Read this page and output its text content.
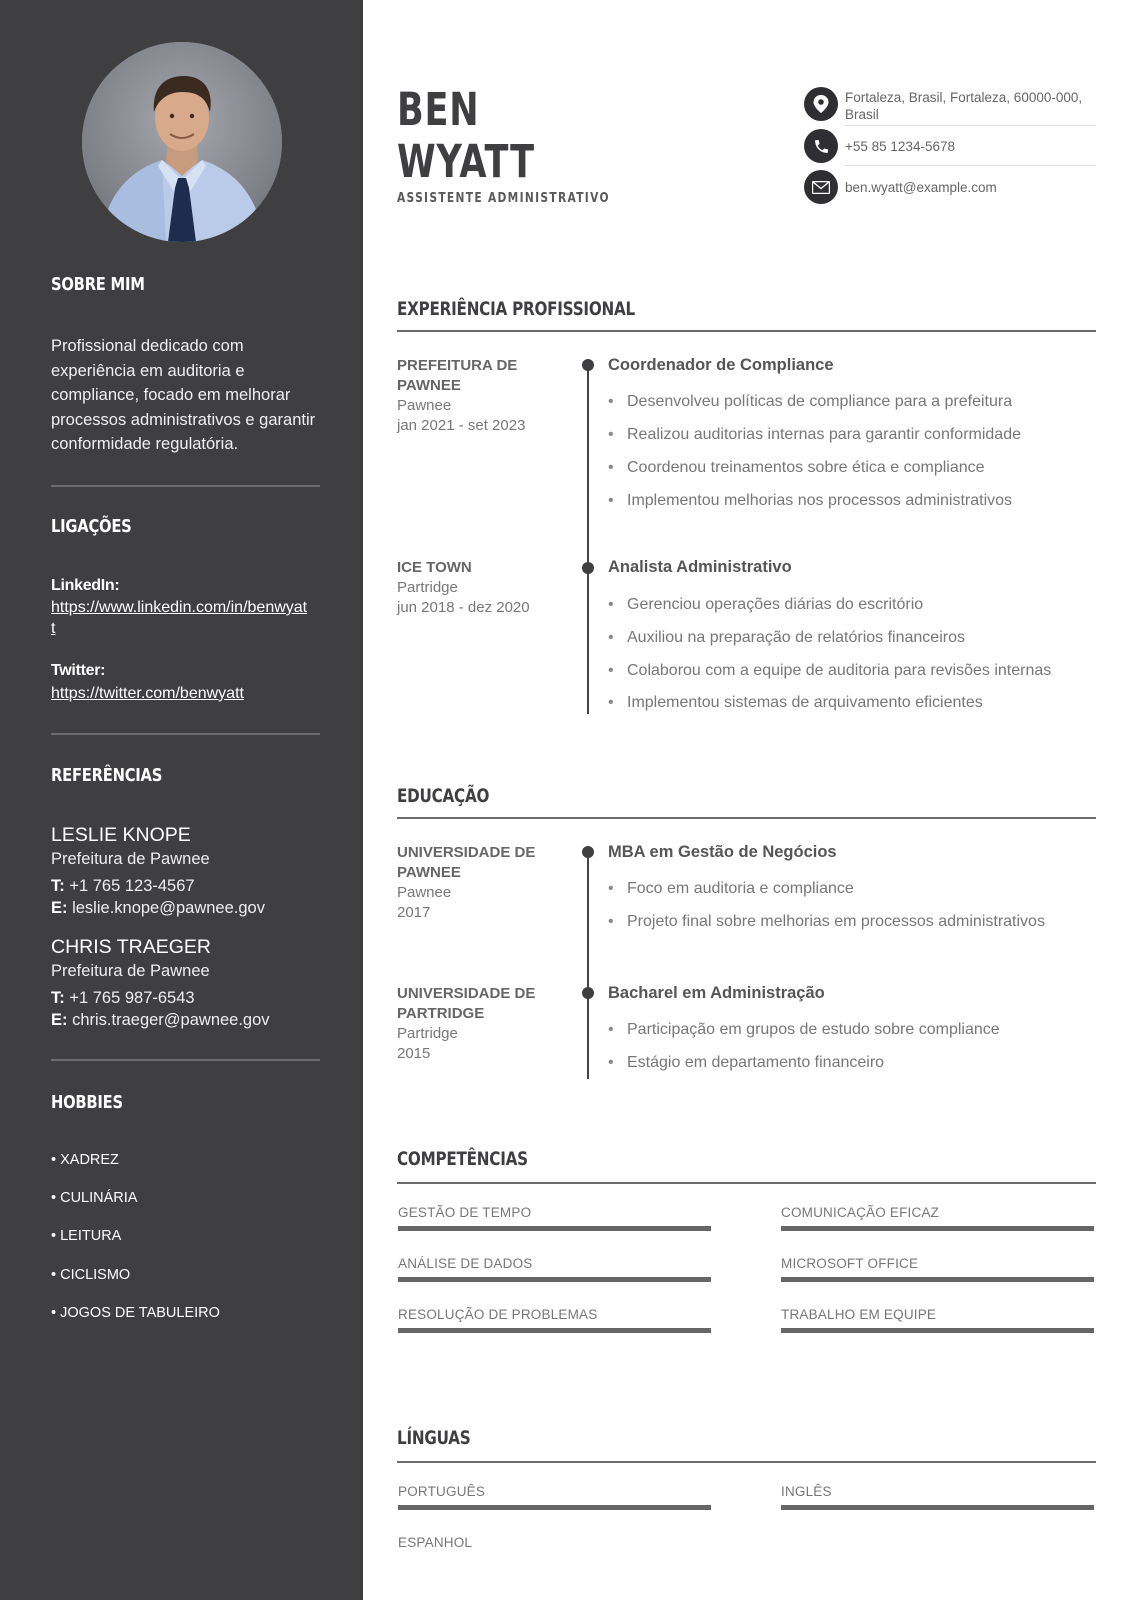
SOBRE MIM
Profissional dedicado com experiência em auditoria e compliance, focado em melhorar processos administrativos e garantir conformidade regulatória.
LIGAÇÕES
LinkedIn:
https://www.linkedin.com/in/benwyatt
Twitter:
https://twitter.com/benwyatt
REFERÊNCIAS
LESLIE KNOPE
Prefeitura de Pawnee
T: +1 765 123-4567
E: leslie.knope@pawnee.gov
CHRIS TRAEGER
Prefeitura de Pawnee
T: +1 765 987-6543
E: chris.traeger@pawnee.gov
HOBBIES
• XADREZ
• CULINÁRIA
• LEITURA
• CICLISMO
• JOGOS DE TABULEIRO
BEN
WYATT
ASSISTENTE ADMINISTRATIVO
Fortaleza, Brasil, Fortaleza, 60000-000, Brasil
+55 85 1234-5678
ben.wyatt@example.com
EXPERIÊNCIA PROFISSIONAL
PREFEITURA DE PAWNEE
Pawnee
jan 2021 - set 2023
Coordenador de Compliance
• Desenvolveu políticas de compliance para a prefeitura
• Realizou auditorias internas para garantir conformidade
• Coordenou treinamentos sobre ética e compliance
• Implementou melhorias nos processos administrativos
ICE TOWN
Partridge
jun 2018 - dez 2020
Analista Administrativo
• Gerenciou operações diárias do escritório
• Auxiliou na preparação de relatórios financeiros
• Colaborou com a equipe de auditoria para revisões internas
• Implementou sistemas de arquivamento eficientes
EDUCAÇÃO
UNIVERSIDADE DE PAWNEE
Pawnee
2017
MBA em Gestão de Negócios
• Foco em auditoria e compliance
• Projeto final sobre melhorias em processos administrativos
UNIVERSIDADE DE PARTRIDGE
Partridge
2015
Bacharel em Administração
• Participação em grupos de estudo sobre compliance
• Estágio em departamento financeiro
COMPETÊNCIAS
GESTÃO DE TEMPO	COMUNICAÇÃO EFICAZ
ANÁLISE DE DADOS	MICROSOFT OFFICE
RESOLUÇÃO DE PROBLEMAS	TRABALHO EM EQUIPE
LÍNGUAS
PORTUGUÊS	INGLÊS
ESPANHOL
